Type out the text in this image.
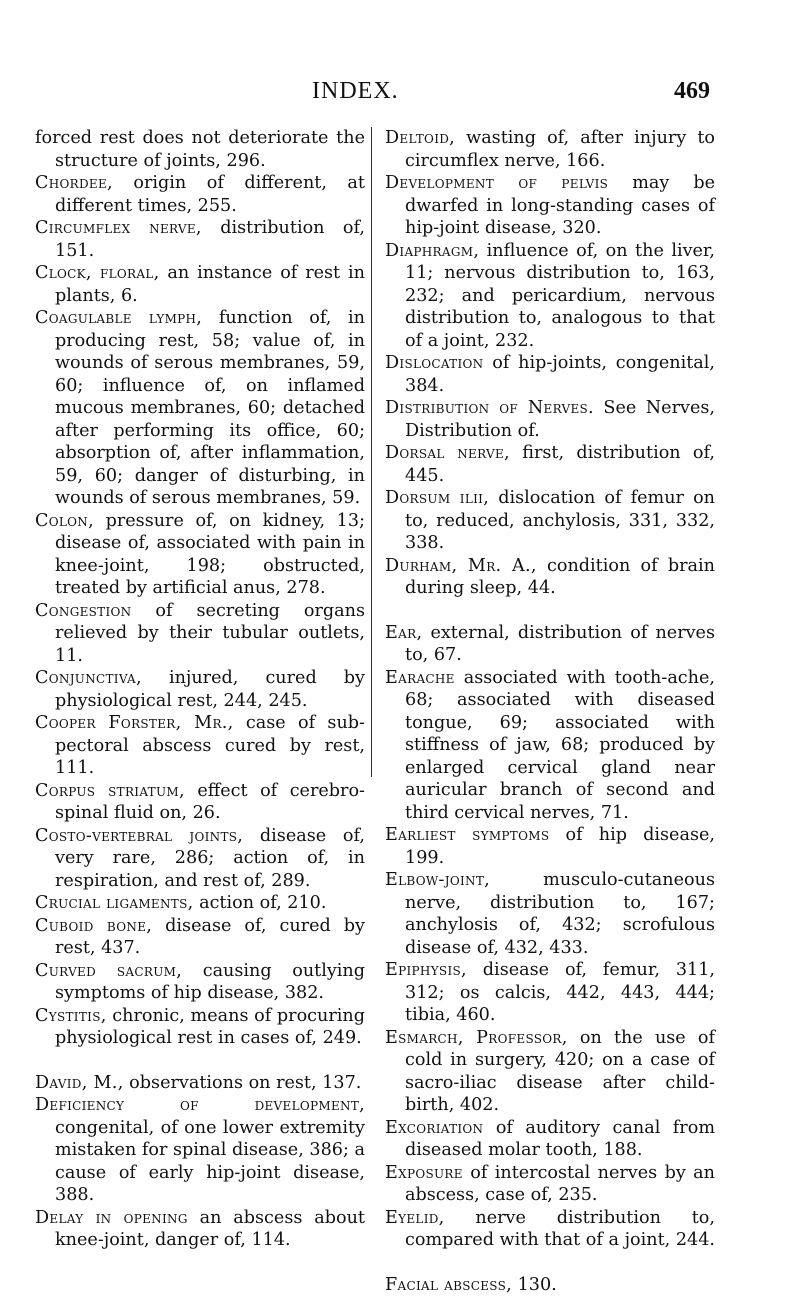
INDEX.	469

forced rest does not deteriorate the structure of joints, 296.

Chordee, origin of different, at different times, 255.

Circumflex nerve, distribution of, 151.

Clock, floral, an instance of rest in plants, 6.

Coagulable lymph, function of, in producing rest, 58; value of, in wounds of serous membranes, 59, 60; influence of, on inflamed mucous membranes, 60; detached after performing its office, 60; absorption of, after inflammation, 59, 60; danger of disturbing, in wounds of serous membranes, 59.

Colon, pressure of, on kidney, 13; disease of, associated with pain in knee-joint, 198; obstructed, treated by artificial anus, 278.

Congestion of secreting organs relieved by their tubular outlets, 11.

Conjunctiva, injured, cured by physiological rest, 244, 245.

Cooper Forster, Mr., case of sub-pectoral abscess cured by rest, 111.

Corpus striatum, effect of cerebro-spinal fluid on, 26.

Costo-vertebral joints, disease of, very rare, 286; action of, in respiration, and rest of, 289.

Crucial ligaments, action of, 210.

Cuboid bone, disease of, cured by rest, 437.

Curved sacrum, causing outlying symptoms of hip disease, 382.

Cystitis, chronic, means of procuring physiological rest in cases of, 249.

David, M., observations on rest, 137.

Deficiency of development, congenital, of one lower extremity mistaken for spinal disease, 386; a cause of early hip-joint disease, 388.

Delay in opening an abscess about knee-joint, danger of, 114.

Deltoid, wasting of, after injury to circumflex nerve, 166.

Development of pelvis may be dwarfed in long-standing cases of hip-joint disease, 320.

Diaphragm, influence of, on the liver, 11; nervous distribution to, 163, 232; and pericardium, nervous distribution to, analogous to that of a joint, 232.

Dislocation of hip-joints, congenital, 384.

Distribution of Nerves. See Nerves, Distribution of.

Dorsal nerve, first, distribution of, 445.

Dorsum ilii, dislocation of femur on to, reduced, anchylosis, 331, 332, 338.

Durham, Mr. A., condition of brain during sleep, 44.

Ear, external, distribution of nerves to, 67.

Earache associated with tooth-ache, 68; associated with diseased tongue, 69; associated with stiffness of jaw, 68; produced by enlarged cervical gland near auricular branch of second and third cervical nerves, 71.

Earliest symptoms of hip disease, 199.

Elbow-joint, musculo-cutaneous nerve, distribution to, 167; anchylosis of, 432; scrofulous disease of, 432, 433.

Epiphysis, disease of, femur, 311, 312; os calcis, 442, 443, 444; tibia, 460.

Esmarch, Professor, on the use of cold in surgery, 420; on a case of sacro-iliac disease after child-birth, 402.

Excoriation of auditory canal from diseased molar tooth, 188.

Exposure of intercostal nerves by an abscess, case of, 235.

Eyelid, nerve distribution to, compared with that of a joint, 244.

Facial abscess, 130.
